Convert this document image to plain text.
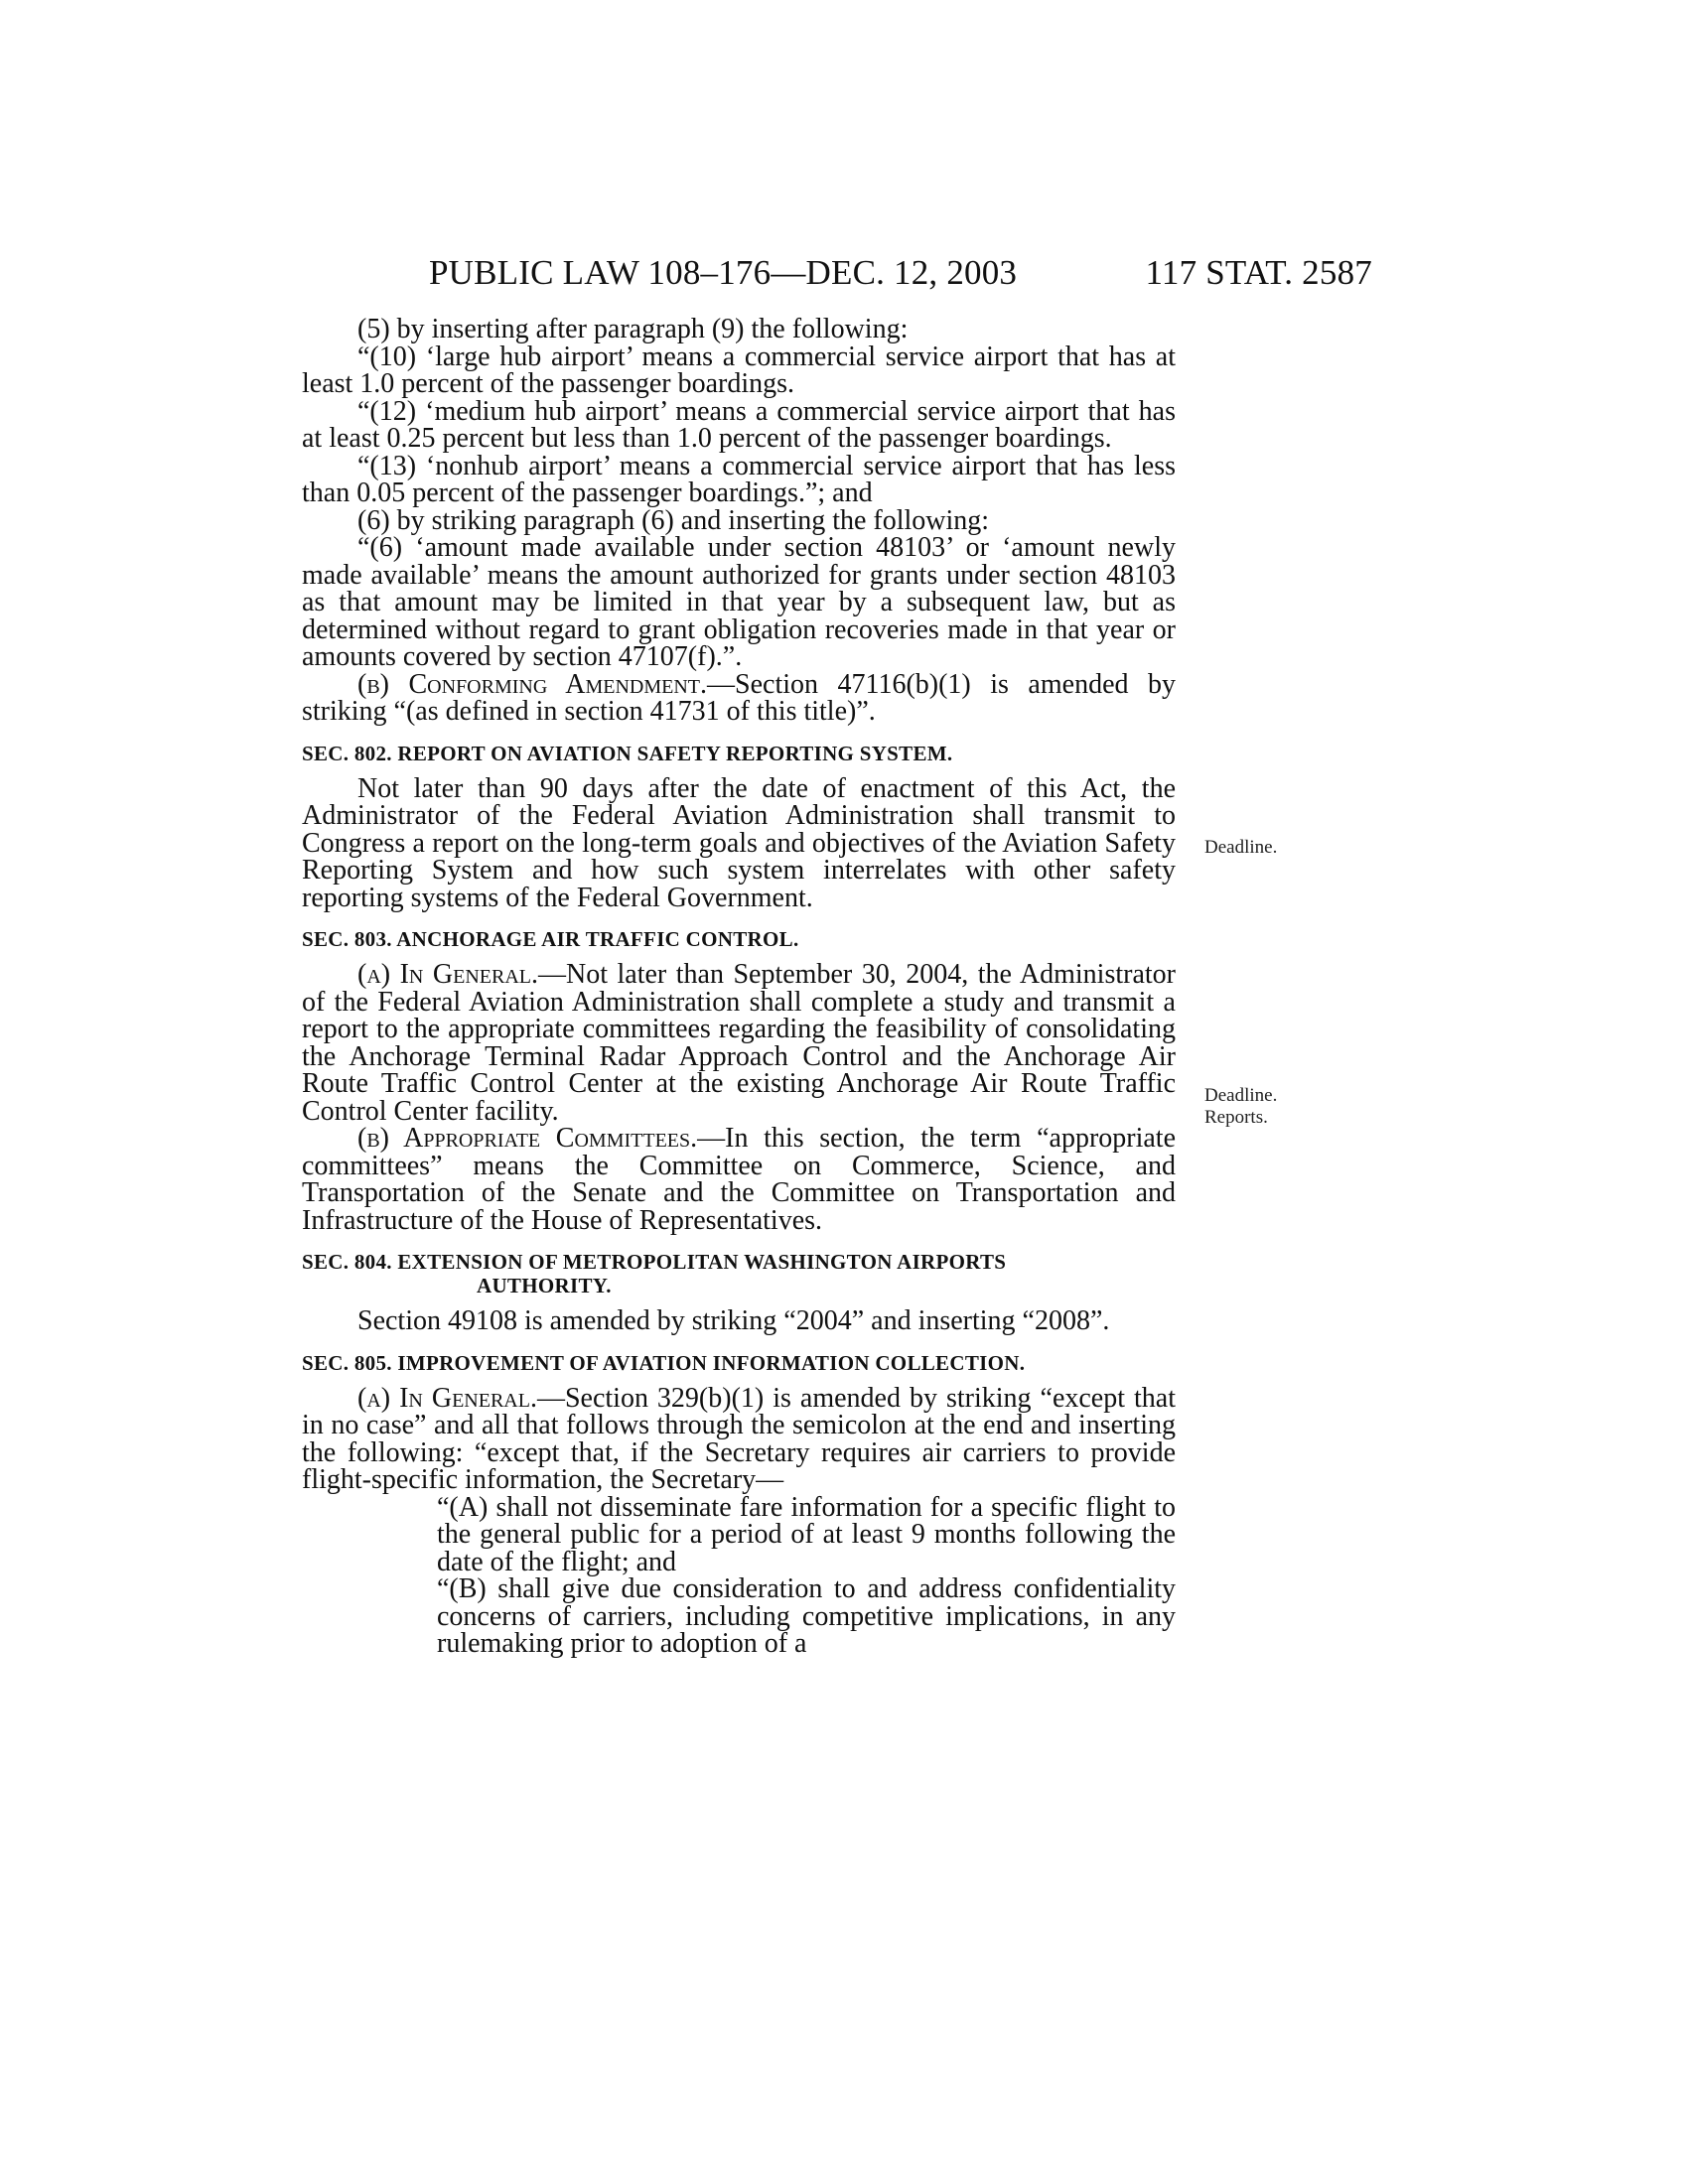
PUBLIC LAW 108–176—DEC. 12, 2003	117 STAT. 2587

(5) by inserting after paragraph (9) the following:

“(10) ‘large hub airport’ means a commercial service airport that has at least 1.0 percent of the passenger boardings.

“(12) ‘medium hub airport’ means a commercial service airport that has at least 0.25 percent but less than 1.0 percent of the passenger boardings.

“(13) ‘nonhub airport’ means a commercial service airport that has less than 0.05 percent of the passenger boardings.”; and

(6) by striking paragraph (6) and inserting the following:

“(6) ‘amount made available under section 48103’ or ‘amount newly made available’ means the amount authorized for grants under section 48103 as that amount may be limited in that year by a subsequent law, but as determined without regard to grant obligation recoveries made in that year or amounts covered by section 47107(f).”.

(b) Conforming Amendment.—Section 47116(b)(1) is amended by striking “(as defined in section 41731 of this title)”.

SEC. 802. REPORT ON AVIATION SAFETY REPORTING SYSTEM.

Not later than 90 days after the date of enactment of this Act, the Administrator of the Federal Aviation Administration shall transmit to Congress a report on the long-term goals and objectives of the Aviation Safety Reporting System and how such system interrelates with other safety reporting systems of the Federal Government.

SEC. 803. ANCHORAGE AIR TRAFFIC CONTROL.

(a) In General.—Not later than September 30, 2004, the Administrator of the Federal Aviation Administration shall complete a study and transmit a report to the appropriate committees regarding the feasibility of consolidating the Anchorage Terminal Radar Approach Control and the Anchorage Air Route Traffic Control Center at the existing Anchorage Air Route Traffic Control Center facility.

(b) Appropriate Committees.—In this section, the term “appropriate committees” means the Committee on Commerce, Science, and Transportation of the Senate and the Committee on Transportation and Infrastructure of the House of Representatives.

SEC. 804. EXTENSION OF METROPOLITAN WASHINGTON AIRPORTS
AUTHORITY.

Section 49108 is amended by striking “2004” and inserting “2008”.

SEC. 805. IMPROVEMENT OF AVIATION INFORMATION COLLECTION.

(a) In General.—Section 329(b)(1) is amended by striking “except that in no case” and all that follows through the semicolon at the end and inserting the following: “except that, if the Secretary requires air carriers to provide flight-specific information, the Secretary—

“(A) shall not disseminate fare information for a specific flight to the general public for a period of at least 9 months following the date of the flight; and

“(B) shall give due consideration to and address confidentiality concerns of carriers, including competitive implications, in any rulemaking prior to adoption of a

Deadline.
Deadline.
Reports.
